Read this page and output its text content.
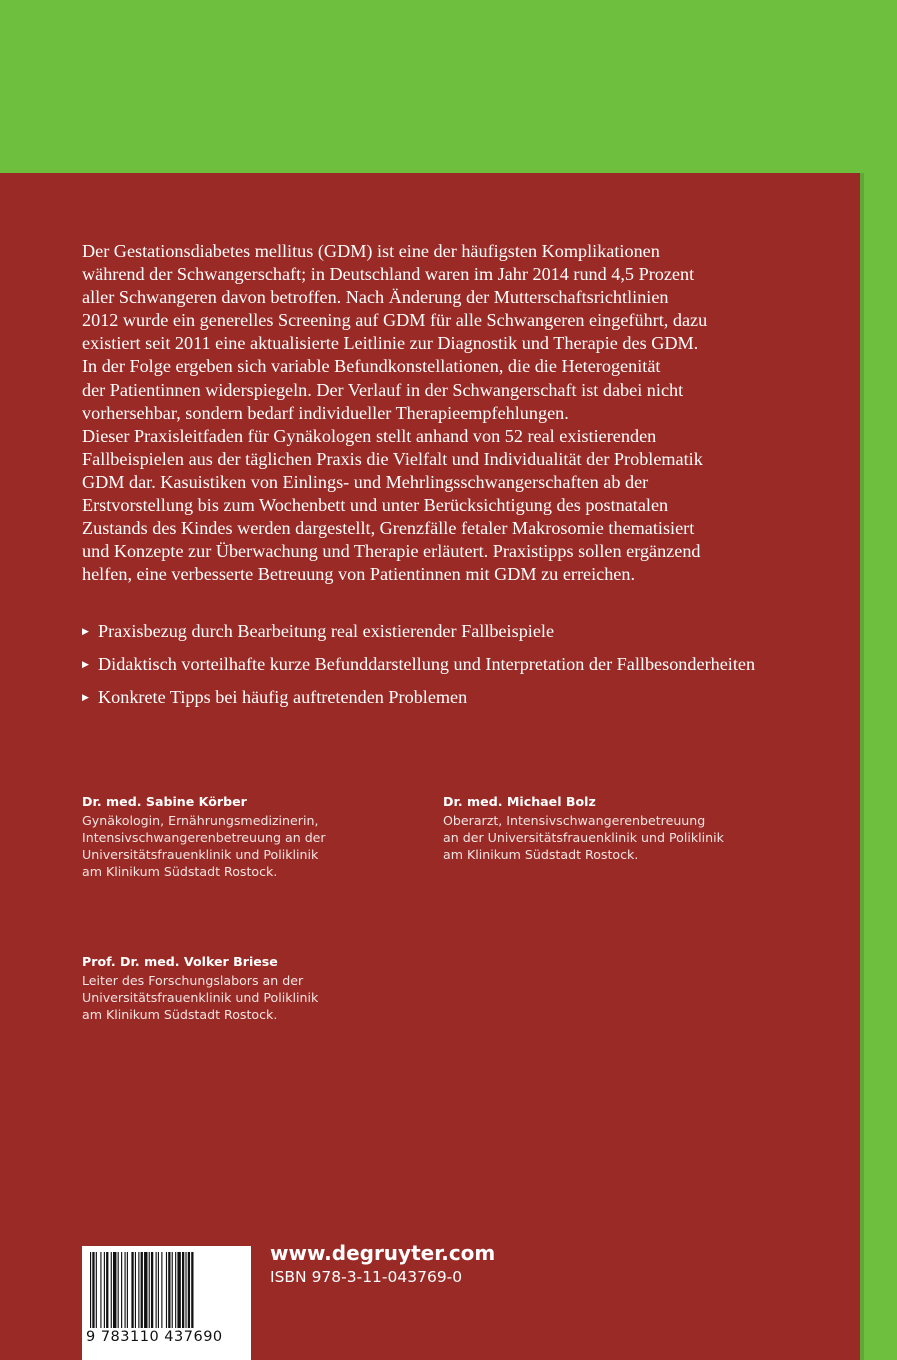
Der Gestationsdiabetes mellitus (GDM) ist eine der häufigsten Komplikationen
während der Schwangerschaft; in Deutschland waren im Jahr 2014 rund 4,5 Prozent
aller Schwangeren davon betroffen. Nach Änderung der Mutterschaftsrichtlinien
2012 wurde ein generelles Screening auf GDM für alle Schwangeren eingeführt, dazu
existiert seit 2011 eine aktualisierte Leitlinie zur Diagnostik und Therapie des GDM.
In der Folge ergeben sich variable Befundkonstellationen, die die Heterogenität
der Patientinnen widerspiegeln. Der Verlauf in der Schwangerschaft ist dabei nicht
vorhersehbar, sondern bedarf individueller Therapieempfehlungen.
Dieser Praxisleitfaden für Gynäkologen stellt anhand von 52 real existierenden
Fallbeispielen aus der täglichen Praxis die Vielfalt und Individualität der Problematik
GDM dar. Kasuistiken von Einlings- und Mehrlingsschwangerschaften ab der
Erstvorstellung bis zum Wochenbett und unter Berücksichtigung des postnatalen
Zustands des Kindes werden dargestellt, Grenzfälle fetaler Makrosomie thematisiert
und Konzepte zur Überwachung und Therapie erläutert. Praxistipps sollen ergänzend
helfen, eine verbesserte Betreuung von Patientinnen mit GDM zu erreichen.

▶ Praxisbezug durch Bearbeitung real existierender Fallbeispiele
▶ Didaktisch vorteilhafte kurze Befunddarstellung und Interpretation der Fallbesonderheiten
▶ Konkrete Tipps bei häufig auftretenden Problemen
Dr. med. Sabine Körber
Gynäkologin, Ernährungsmedizinerin,
Intensivschwangerenbetreuung an der
Universitätsfrauenklinik und Poliklinik
am Klinikum Südstadt Rostock.
Dr. med. Michael Bolz
Oberarzt, Intensivschwangerenbetreuung
an der Universitätsfrauenklinik und Poliklinik
am Klinikum Südstadt Rostock.
Prof. Dr. med. Volker Briese
Leiter des Forschungslabors an der
Universitätsfrauenklinik und Poliklinik
am Klinikum Südstadt Rostock.
9 783110 437690
www.degruyter.com
ISBN 978-3-11-043769-0
